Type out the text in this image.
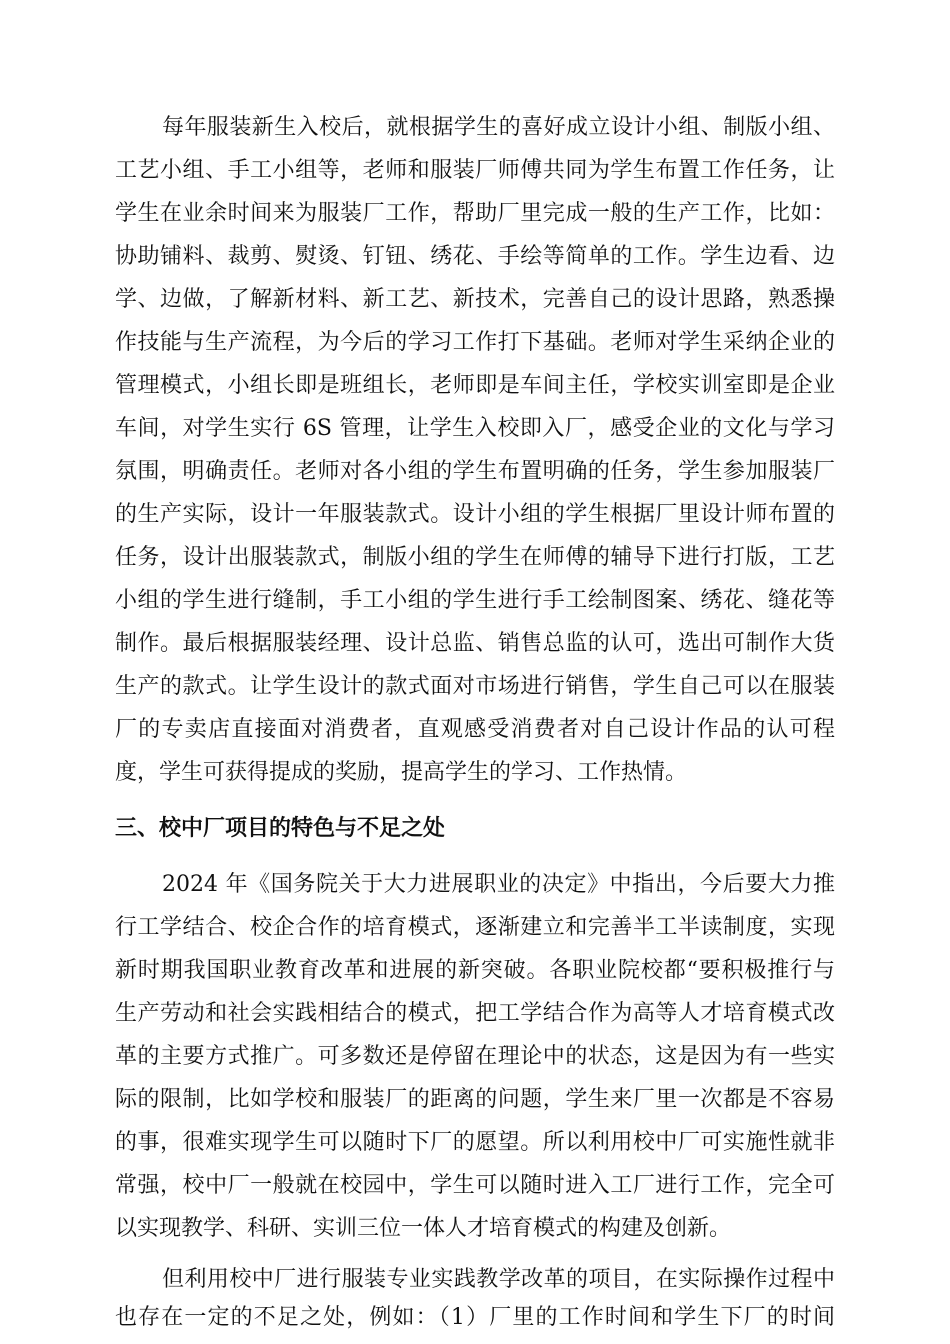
每年服装新生入校后，就根据学生的喜好成立设计小组、制版小组、
工艺小组、手工小组等，老师和服装厂师傅共同为学生布置工作任务，让
学生在业余时间来为服装厂工作，帮助厂里完成一般的生产工作，比如：
协助铺料、裁剪、熨烫、钉钮、绣花、手绘等简单的工作。学生边看、边
学、边做，了解新材料、新工艺、新技术，完善自己的设计思路，熟悉操
作技能与生产流程，为今后的学习工作打下基础。老师对学生采纳企业的
管理模式，小组长即是班组长，老师即是车间主任，学校实训室即是企业
车间，对学生实行 6S 管理，让学生入校即入厂，感受企业的文化与学习
氛围，明确责任。老师对各小组的学生布置明确的任务，学生参加服装厂
的生产实际，设计一年服装款式。设计小组的学生根据厂里设计师布置的
任务，设计出服装款式，制版小组的学生在师傅的辅导下进行打版，工艺
小组的学生进行缝制，手工小组的学生进行手工绘制图案、绣花、缝花等
制作。最后根据服装经理、设计总监、销售总监的认可，选出可制作大货
生产的款式。让学生设计的款式面对市场进行销售，学生自己可以在服装
厂的专卖店直接面对消费者，直观感受消费者对自己设计作品的认可程
度，学生可获得提成的奖励，提高学生的学习、工作热情。
三、校中厂项目的特色与不足之处
2024 年《国务院关于大力进展职业的决定》中指出，今后要大力推
行工学结合、校企合作的培育模式，逐渐建立和完善半工半读制度，实现
新时期我国职业教育改革和进展的新突破。各职业院校都“要积极推行与
生产劳动和社会实践相结合的模式，把工学结合作为高等人才培育模式改
革的主要方式推广。可多数还是停留在理论中的状态，这是因为有一些实
际的限制，比如学校和服装厂的距离的问题，学生来厂里一次都是不容易
的事，很难实现学生可以随时下厂的愿望。所以利用校中厂可实施性就非
常强，校中厂一般就在校园中，学生可以随时进入工厂进行工作，完全可
以实现教学、科研、实训三位一体人才培育模式的构建及创新。
但利用校中厂进行服装专业实践教学改革的项目，在实际操作过程中
也存在一定的不足之处，例如：（1）厂里的工作时间和学生下厂的时间
